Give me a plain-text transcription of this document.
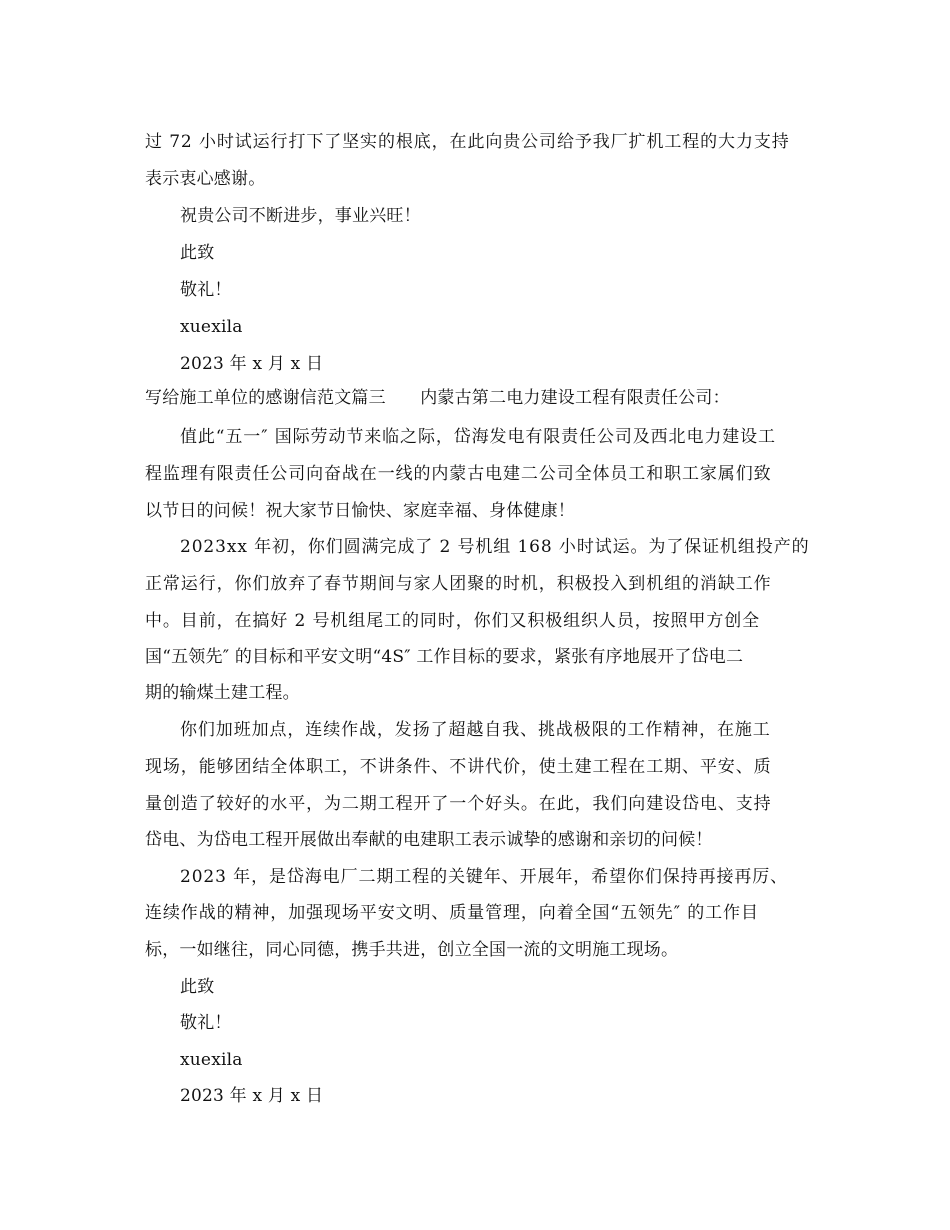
过 72 小时试运行打下了坚实的根底，在此向贵公司给予我厂扩机工程的大力支持
表示衷心感谢。
祝贵公司不断进步，事业兴旺！
此致
敬礼！
xuexila
2023 年 x 月 x 日
写给施工单位的感谢信范文篇三　　内蒙古第二电力建设工程有限责任公司：
值此“五一″ 国际劳动节来临之际，岱海发电有限责任公司及西北电力建设工
程监理有限责任公司向奋战在一线的内蒙古电建二公司全体员工和职工家属们致
以节日的问候！祝大家节日愉快、家庭幸福、身体健康！
2023xx 年初，你们圆满完成了 2 号机组 168 小时试运。为了保证机组投产的
正常运行，你们放弃了春节期间与家人团聚的时机，积极投入到机组的消缺工作
中。目前，在搞好 2 号机组尾工的同时，你们又积极组织人员，按照甲方创全
国“五领先″ 的目标和平安文明“4S″ 工作目标的要求，紧张有序地展开了岱电二
期的输煤土建工程。
你们加班加点，连续作战，发扬了超越自我、挑战极限的工作精神，在施工
现场，能够团结全体职工，不讲条件、不讲代价，使土建工程在工期、平安、质
量创造了较好的水平，为二期工程开了一个好头。在此，我们向建设岱电、支持
岱电、为岱电工程开展做出奉献的电建职工表示诚挚的感谢和亲切的问候！
2023 年，是岱海电厂二期工程的关键年、开展年，希望你们保持再接再厉、
连续作战的精神，加强现场平安文明、质量管理，向着全国“五领先″ 的工作目
标，一如继往，同心同德，携手共进，创立全国一流的文明施工现场。
此致
敬礼！
xuexila
2023 年 x 月 x 日
